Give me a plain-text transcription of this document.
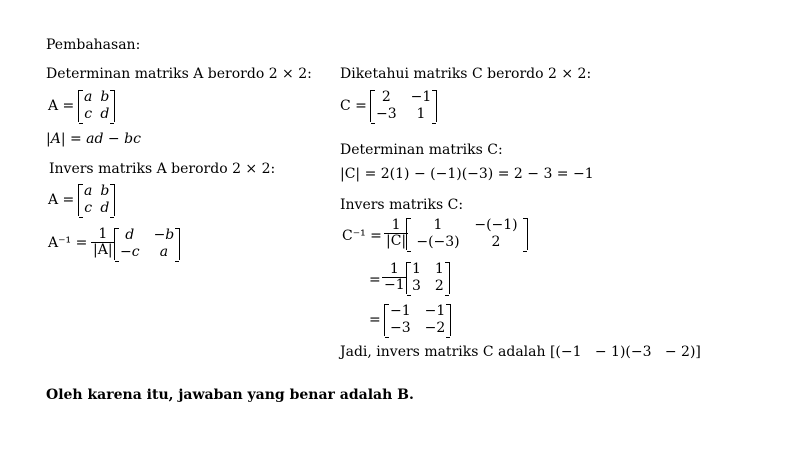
Pembahasan:
Determinan matriks A berordo 2 × 2:
A =
a b
c d
|A| = ad − bc
Invers matriks A berordo 2 × 2:
A =
a b
c d
$A^{-1} = \frac{1}{|A|}$ d	−b
−c	a
Diketahui matriks C berordo 2 × 2:
C =
2	−1
−3	1
Determinan matriks C:
|C| = 2(1) − (−1)(−3) = 2 − 3 = −1
Invers matriks C:
$C^{-1} = \frac{1}{|C|}$	1	−(−1)
−(−3)	2
= $\frac{1}{-1} 1$ 1
3 2
=
−1 −1
−3 −2
Jadi, invers matriks C adalah [(−1   − 1)(−3   − 2)]
Oleh karena itu, jawaban yang benar adalah B.
